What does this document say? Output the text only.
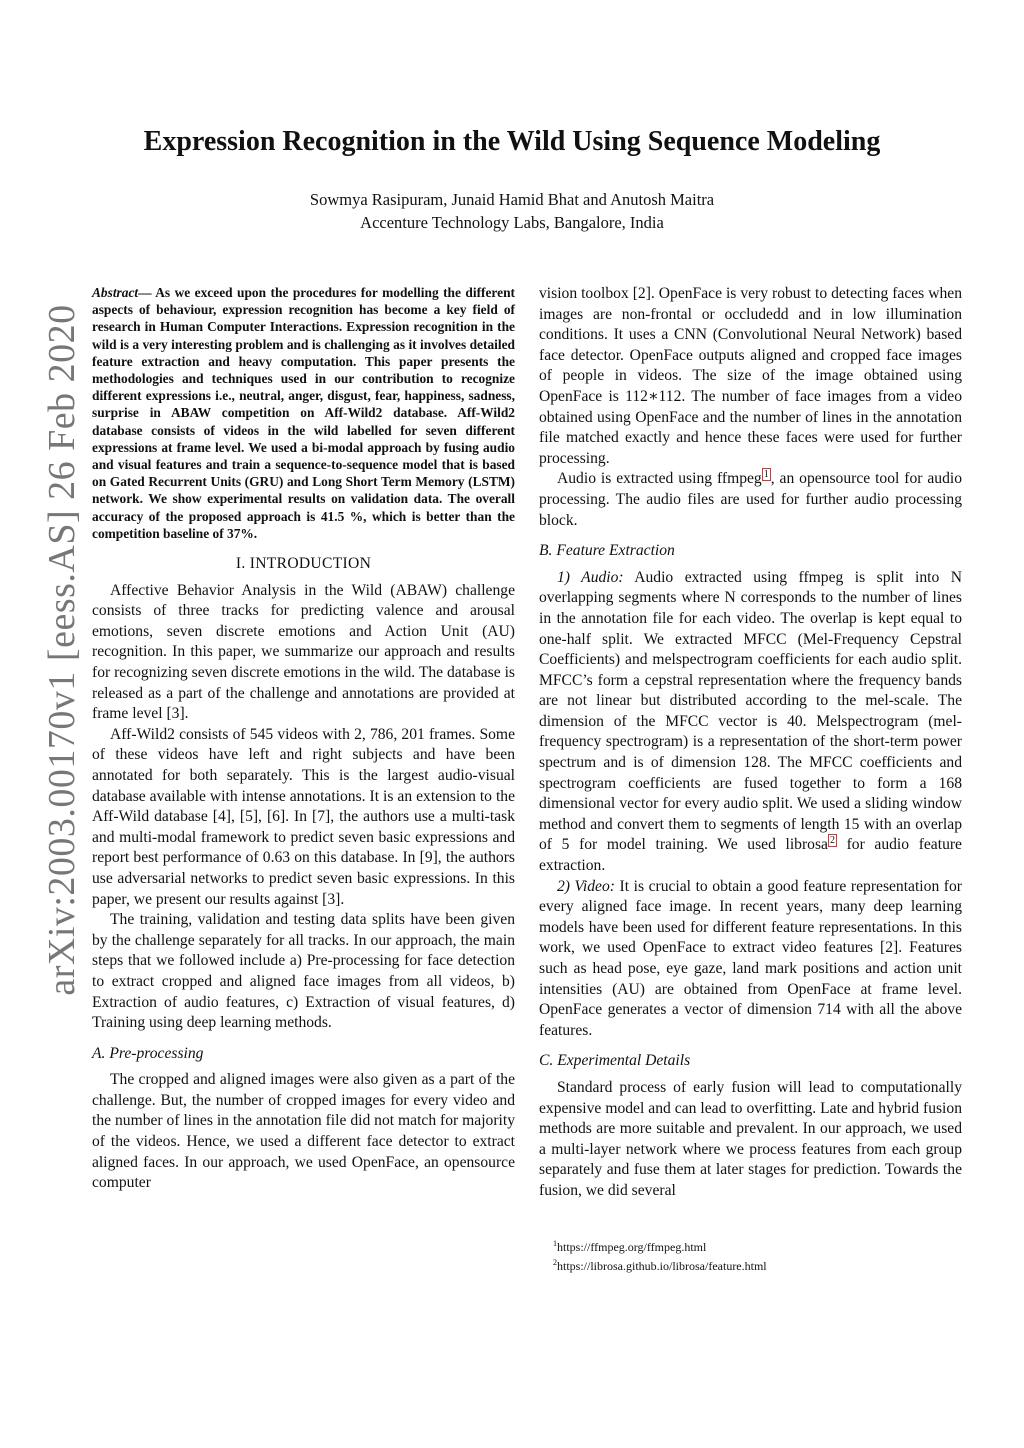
arXiv:2003.00170v1 [eess.AS] 26 Feb 2020
Expression Recognition in the Wild Using Sequence Modeling
Sowmya Rasipuram, Junaid Hamid Bhat and Anutosh Maitra
Accenture Technology Labs, Bangalore, India

Abstract— As we exceed upon the procedures for modelling the different aspects of behaviour, expression recognition has become a key field of research in Human Computer Interactions. Expression recognition in the wild is a very interesting problem and is challenging as it involves detailed feature extraction and heavy computation. This paper presents the methodologies and techniques used in our contribution to recognize different expressions i.e., neutral, anger, disgust, fear, happiness, sadness, surprise in ABAW competition on Aff-Wild2 database. Aff-Wild2 database consists of videos in the wild labelled for seven different expressions at frame level. We used a bi-modal approach by fusing audio and visual features and train a sequence-to-sequence model that is based on Gated Recurrent Units (GRU) and Long Short Term Memory (LSTM) network. We show experimental results on validation data. The overall accuracy of the proposed approach is 41.5 %, which is better than the competition baseline of 37%.

I. INTRODUCTION

Affective Behavior Analysis in the Wild (ABAW) challenge consists of three tracks for predicting valence and arousal emotions, seven discrete emotions and Action Unit (AU) recognition. In this paper, we summarize our approach and results for recognizing seven discrete emotions in the wild. The database is released as a part of the challenge and annotations are provided at frame level [3].

Aff-Wild2 consists of 545 videos with 2, 786, 201 frames. Some of these videos have left and right subjects and have been annotated for both separately. This is the largest audio-visual database available with intense annotations. It is an extension to the Aff-Wild database [4], [5], [6]. In [7], the authors use a multi-task and multi-modal framework to predict seven basic expressions and report best performance of 0.63 on this database. In [9], the authors use adversarial networks to predict seven basic expressions. In this paper, we present our results against [3].

The training, validation and testing data splits have been given by the challenge separately for all tracks. In our approach, the main steps that we followed include a) Pre-processing for face detection to extract cropped and aligned face images from all videos, b) Extraction of audio features, c) Extraction of visual features, d) Training using deep learning methods.

A. Pre-processing

The cropped and aligned images were also given as a part of the challenge. But, the number of cropped images for every video and the number of lines in the annotation file did not match for majority of the videos. Hence, we used a different face detector to extract aligned faces. In our approach, we used OpenFace, an opensource computer

vision toolbox [2]. OpenFace is very robust to detecting faces when images are non-frontal or occludedd and in low illumination conditions. It uses a CNN (Convolutional Neural Network) based face detector. OpenFace outputs aligned and cropped face images of people in videos. The size of the image obtained using OpenFace is 112∗112. The number of face images from a video obtained using OpenFace and the number of lines in the annotation file matched exactly and hence these faces were used for further processing.

Audio is extracted using ffmpeg $^1$ , an opensource tool for audio processing. The audio files are used for further audio processing block.

B. Feature Extraction

1) Audio: Audio extracted using ffmpeg is split into N overlapping segments where N corresponds to the number of lines in the annotation file for each video. The overlap is kept equal to one-half split. We extracted MFCC (Mel-Frequency Cepstral Coefficients) and melspectrogram coefficients for each audio split. MFCC’s form a cepstral representation where the frequency bands are not linear but distributed according to the mel-scale. The dimension of the MFCC vector is 40. Melspectrogram (mel-frequency spectrogram) is a representation of the short-term power spectrum and is of dimension 128. The MFCC coefficients and spectrogram coefficients are fused together to form a 168 dimensional vector for every audio split. We used a sliding window method and convert them to segments of length 15 with an overlap of 5 for model training. We used librosa $^2$ for audio feature extraction.

2) Video: It is crucial to obtain a good feature representation for every aligned face image. In recent years, many deep learning models have been used for different feature representations. In this work, we used OpenFace to extract video features [2]. Features such as head pose, eye gaze, land mark positions and action unit intensities (AU) are obtained from OpenFace at frame level. OpenFace generates a vector of dimension 714 with all the above features.

C. Experimental Details

Standard process of early fusion will lead to computationally expensive model and can lead to overfitting. Late and hybrid fusion methods are more suitable and prevalent. In our approach, we used a multi-layer network where we process features from each group separately and fuse them at later stages for prediction. Towards the fusion, we did several

$^1$https://ffmpeg.org/ffmpeg.html
$^2$https://librosa.github.io/librosa/feature.html
